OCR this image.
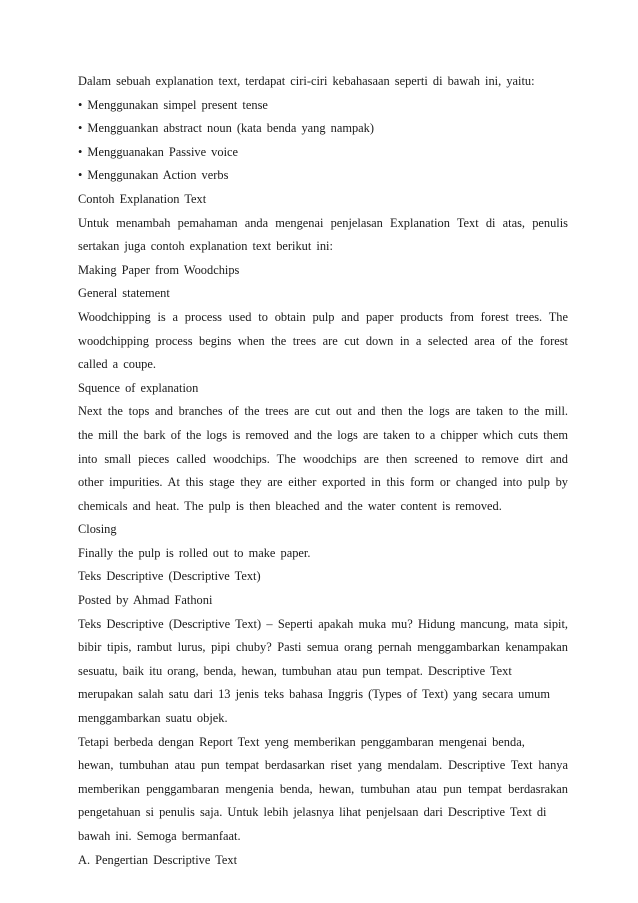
Dalam sebuah explanation text, terdapat ciri-ciri kebahasaan seperti di bawah ini, yaitu:
• Menggunakan simpel present tense
• Mengguankan abstract noun (kata benda yang nampak)
• Mengguanakan Passive voice
• Menggunakan Action verbs
Contoh Explanation Text
Untuk menambah pemahaman anda mengenai penjelasan Explanation Text di atas, penulis
sertakan juga contoh explanation text berikut ini:
Making Paper from Woodchips
General statement
Woodchipping is a process used to obtain pulp and paper products from forest trees. The
woodchipping process begins when the trees are cut down in a selected area of the forest
called a coupe.
Squence of explanation
Next the tops and branches of the trees are cut out and then the logs are taken to the mill.
the mill the bark of the logs is removed and the logs are taken to a chipper which cuts them
into small pieces called woodchips. The woodchips are then screened to remove dirt and
other impurities. At this stage they are either exported in this form or changed into pulp by
chemicals and heat. The pulp is then bleached and the water content is removed.
Closing
Finally the pulp is rolled out to make paper.
Teks Descriptive (Descriptive Text)
Posted by Ahmad Fathoni
Teks Descriptive (Descriptive Text) – Seperti apakah muka mu? Hidung mancung, mata sipit,
bibir tipis, rambut lurus, pipi chuby? Pasti semua orang pernah menggambarkan kenampakan
sesuatu, baik itu orang, benda, hewan, tumbuhan atau pun tempat. Descriptive Text
merupakan salah satu dari 13 jenis teks bahasa Inggris (Types of Text) yang secara umum
menggambarkan suatu objek.
Tetapi berbeda dengan Report Text yeng memberikan penggambaran mengenai benda,
hewan, tumbuhan atau pun tempat berdasarkan riset yang mendalam. Descriptive Text hanya
memberikan penggambaran mengenia benda, hewan, tumbuhan atau pun tempat berdasrakan
pengetahuan si penulis saja. Untuk lebih jelasnya lihat penjelsaan dari Descriptive Text di
bawah ini. Semoga bermanfaat.
A. Pengertian Descriptive Text
